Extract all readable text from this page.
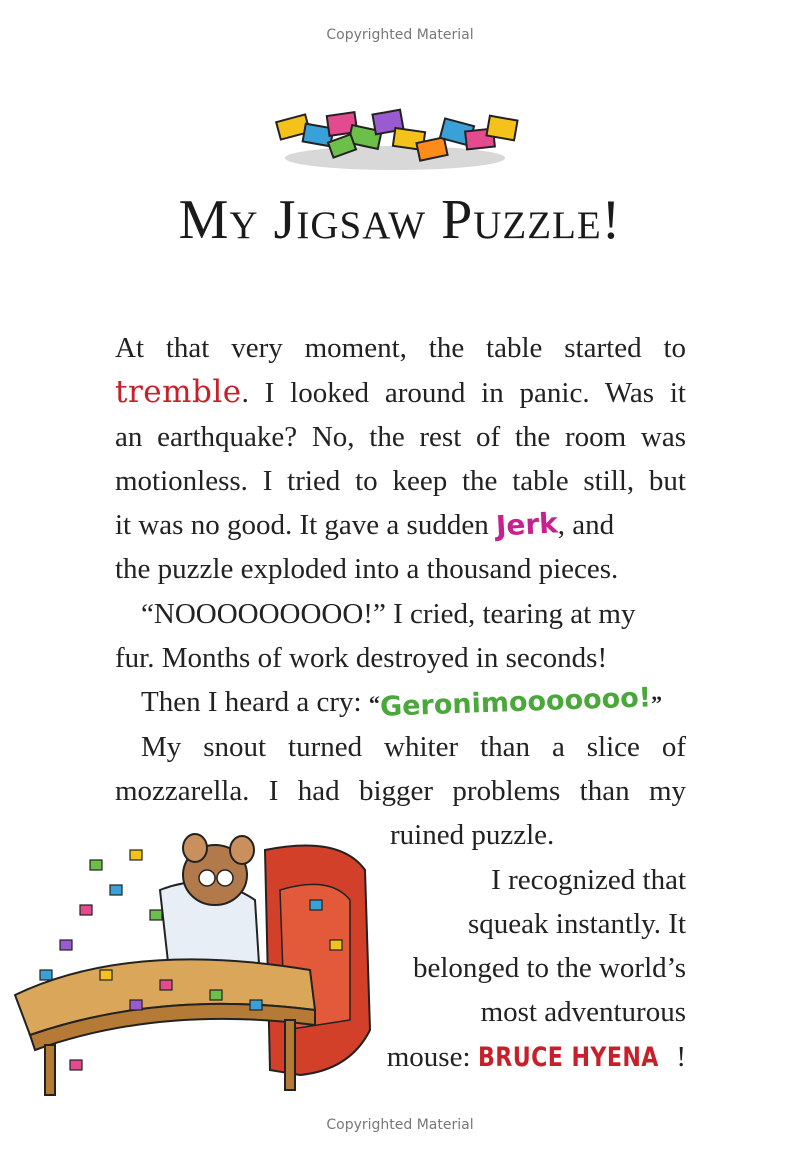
Copyrighted Material
My Jigsaw Puzzle!
At that very moment, the table started to
tremble. I looked around in panic. Was it
an earthquake? No, the rest of the room was
motionless. I tried to keep the table still, but
it was no good. It gave a sudden Jerk, and
the puzzle exploded into a thousand pieces.
“NOOOOOOOOO!” I cried, tearing at my
fur. Months of work destroyed in seconds!
Then I heard a cry: “Geronimooooooo!”
My snout turned whiter than a slice of
mozzarella. I had bigger problems than my
ruined puzzle.
I recognized that
squeak instantly. It
belonged to the world’s
most adventurous
mouse: BRUCE HYENA !
Copyrighted Material
